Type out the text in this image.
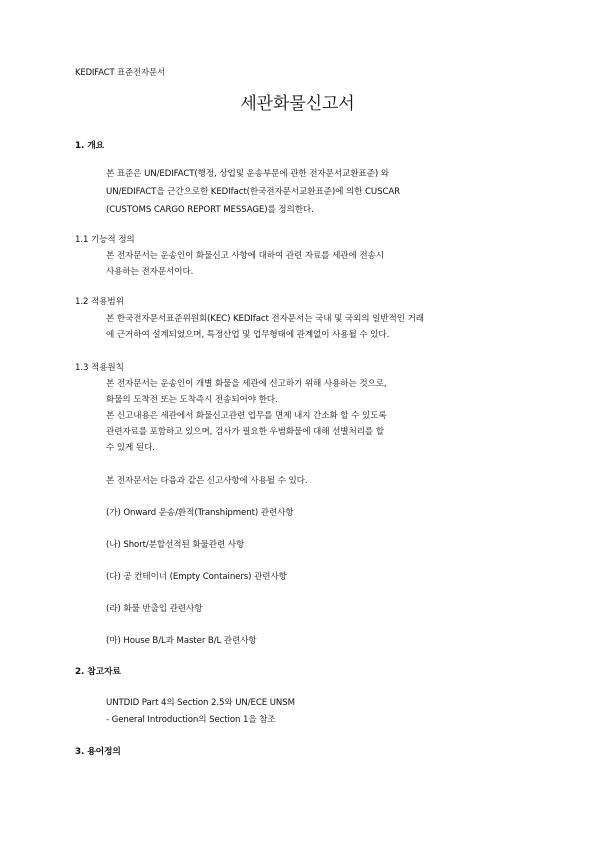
KEDIFACT 표준전자문서
세관화물신고서
1. 개요
본 표준은 UN/EDIFACT(행정, 상업및 운송부문에 관한 전자문서교환표준) 와
UN/EDIFACT을 근간으로한 KEDIfact(한국전자문서교환표준)에 의한 CUSCAR
(CUSTOMS CARGO REPORT MESSAGE)를 정의한다.
1.1 기능적 정의
본 전자문서는 운송인이 화물신고 사항에 대하여 관련 자료를 세관에 전송시
사용하는 전자문서이다.
1.2 적용범위
본 한국전자문서표준위원회(KEC) KEDIfact 전자문서는 국내 및 국외의 일반적인 거래
에 근거하여 설계되었으며, 특정산업 및 업무형태에 관계없이 사용될 수 있다.
1.3 적용원칙
본 전자문서는 운송인이 개별 화물을 세관에 신고하기 위해 사용하는 것으로,
화물의 도착전 또는 도착즉시 전송되어야 한다.
본 신고내용은 세관에서 화물신고관련 업무를 면제 내지 간소화 할 수 있도록
관련자료를 포함하고 있으며, 검사가 필요한 우범화물에 대해 선별처리를 할
수 있게 된다.
본 전자문서는 다음과 같은 신고사항에 사용될 수 있다.
(가) Onward 운송/환적(Transhipment) 관련사항
(나) Short/분할선적된 화물관련 사항
(다) 공 컨테이너 (Empty Containers) 관련사항
(라) 화물 반출입 관련사항
(마) House B/L과 Master B/L 관련사항
2. 참고자료
UNTDID Part 4의 Section 2.5와 UN/ECE UNSM
- General Introduction의 Section 1을 참조
3. 용어정의
